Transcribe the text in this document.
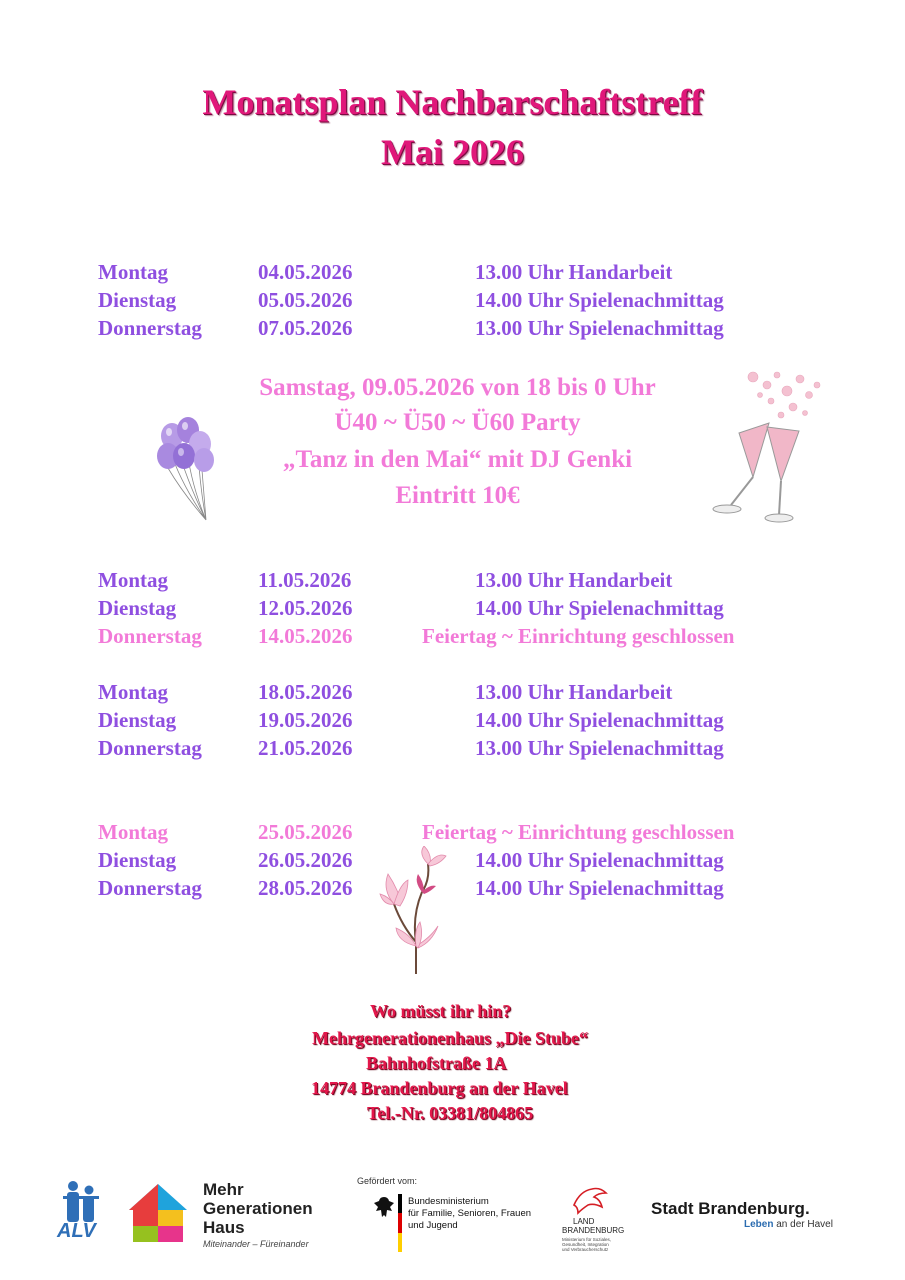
Monatsplan Nachbarschaftstreff
Mai 2026
Montag	04.05.2026	13.00 Uhr Handarbeit
Dienstag	05.05.2026	14.00 Uhr Spielenachmittag
Donnerstag	07.05.2026	13.00 Uhr Spielenachmittag
Samstag, 09.05.2026 von 18 bis 0 Uhr
Ü40 ~ Ü50 ~ Ü60 Party
„Tanz in den Mai“ mit DJ Genki
Eintritt 10€
Montag	11.05.2026	13.00 Uhr Handarbeit
Dienstag	12.05.2026	14.00 Uhr Spielenachmittag
Donnerstag	14.05.2026	Feiertag ~ Einrichtung geschlossen
Montag	18.05.2026	13.00 Uhr Handarbeit
Dienstag	19.05.2026	14.00 Uhr Spielenachmittag
Donnerstag	21.05.2026	13.00 Uhr Spielenachmittag
Montag	25.05.2026	Feiertag ~ Einrichtung geschlossen
Dienstag	26.05.2026	14.00 Uhr Spielenachmittag
Donnerstag	28.05.2026	14.00 Uhr Spielenachmittag
Wo müsst ihr hin?
Mehrgenerationenhaus „Die Stube“
Bahnhofstraße 1A
14774 Brandenburg an der Havel
Tel.-Nr. 03381/804865
ALV
Mehr
Generationen
Haus
Miteinander – Füreinander
Gefördert vom:
Bundesministerium
für Familie, Senioren, Frauen
und Jugend	LAND
BRANDENBURG
Ministerium für Soziales,
Gesundheit, Integration
und Verbraucherschutz
Stadt Brandenburg.
Leben an der Havel
